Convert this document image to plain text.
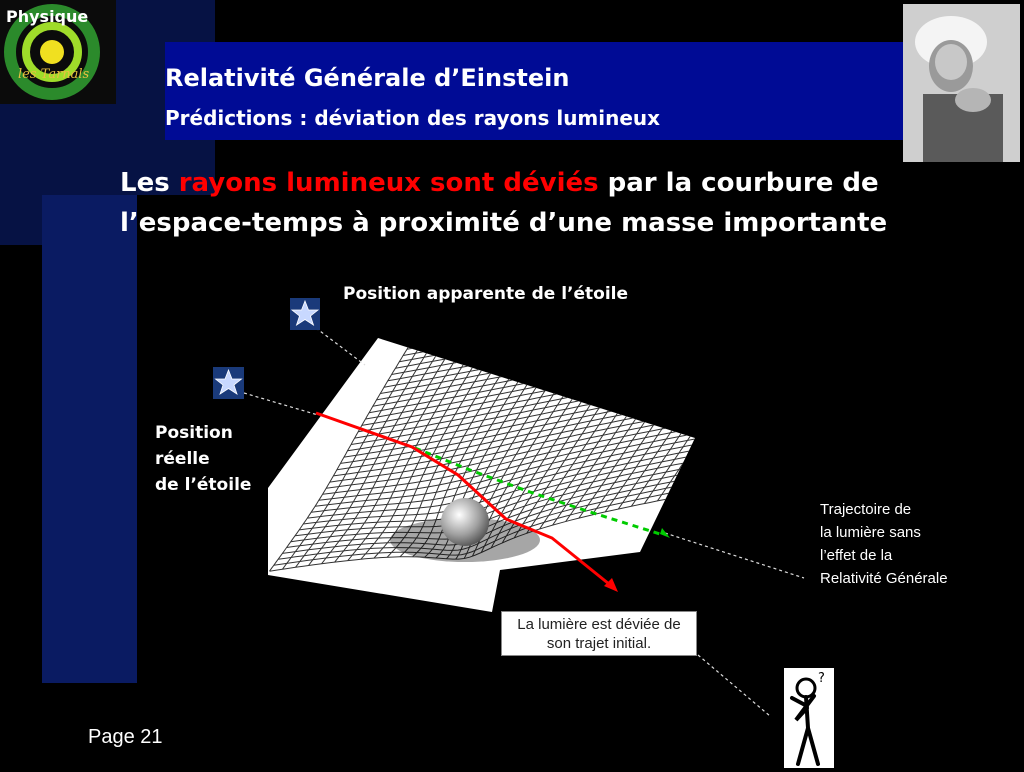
Physique
les Tarnals	Relativité Générale d’Einstein
Prédictions : déviation des rayons lumineux
Les rayons lumineux sont déviés par la courbure de l’espace-temps à proximité d’une masse importante
Position apparente de l’étoile
Position
réelle
de l’étoile
Trajectoire de
la lumière sans
l’effet de la
Relativité Générale
La lumière est déviée de
son trajet initial.
?
Page 21
